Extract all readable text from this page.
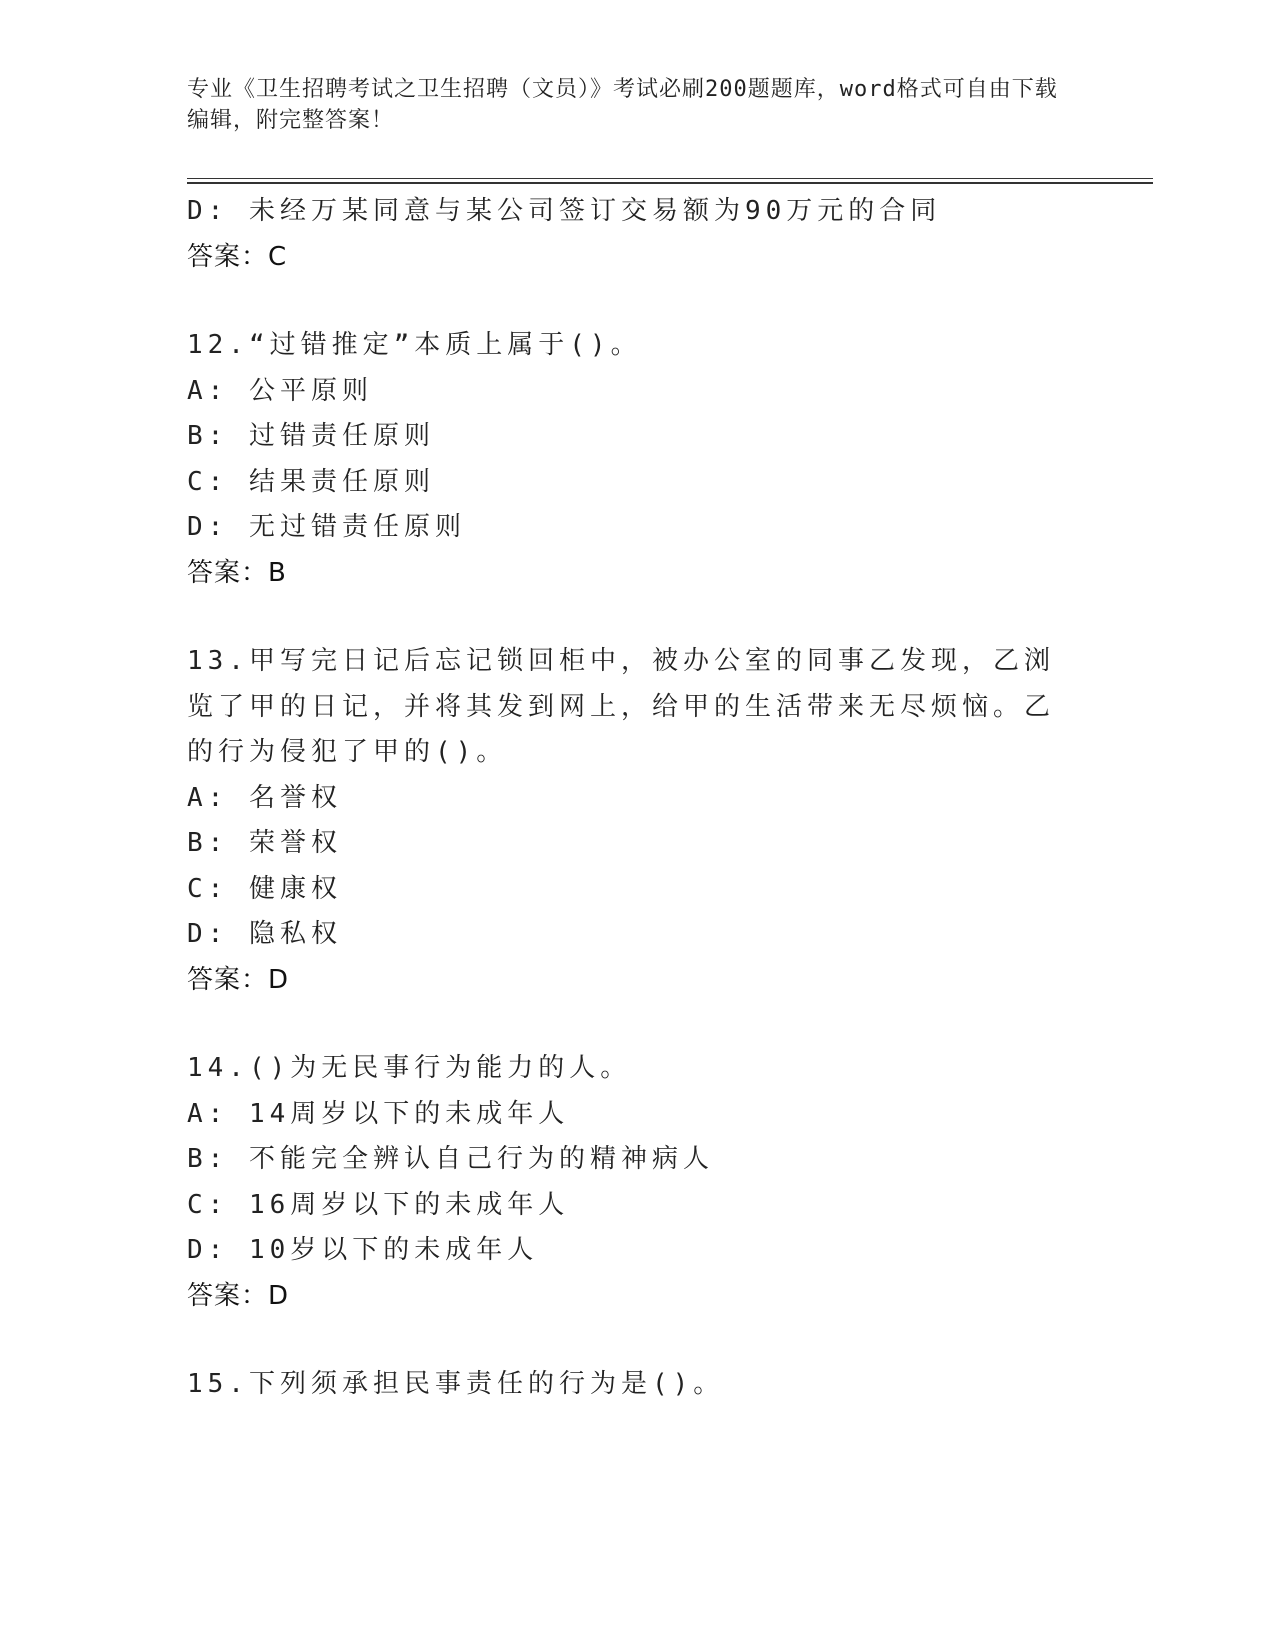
专业《卫生招聘考试之卫生招聘（文员）》考试必刷200题题库，word格式可自由下载编辑，附完整答案！
D: 未经万某同意与某公司签订交易额为90万元的合同
答案：C
12.“过错推定”本质上属于()。
A: 公平原则
B: 过错责任原则
C: 结果责任原则
D: 无过错责任原则
答案：B
13.甲写完日记后忘记锁回柜中，被办公室的同事乙发现，乙浏览了甲的日记，并将其发到网上，给甲的生活带来无尽烦恼。乙的行为侵犯了甲的()。
A: 名誉权
B: 荣誉权
C: 健康权
D: 隐私权
答案：D
14.()为无民事行为能力的人。
A: 14周岁以下的未成年人
B: 不能完全辨认自己行为的精神病人
C: 16周岁以下的未成年人
D: 10岁以下的未成年人
答案：D
15.下列须承担民事责任的行为是()。
